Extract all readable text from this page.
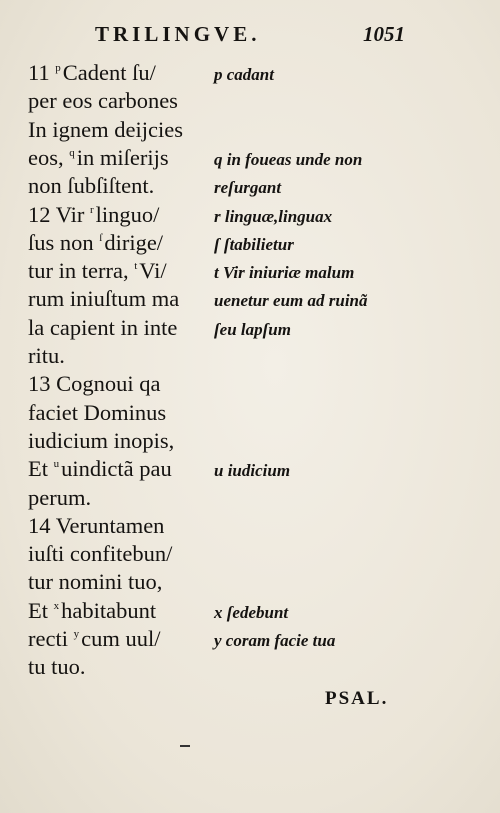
TRILINGVE.	1051
11 $^p$Cadent ſu/
per eos carbones
In ignem deijcies
eos, $^q$in miſerijs
non ſubſiſtent.
12 Vir $^r$linguo/
ſus non $^ſ$dirige/
tur in terra, $^t$Vi/
rum iniuſtum ma
la capient in inte
ritu.
13 Cognoui qa
faciet Dominus
iudicium inopis,
Et $^u$uindictã pau
perum.
14 Veruntamen
iuſti confitebun/
tur nomini tuo,
Et $^x$habitabunt
recti $^y$cum uul/
tu tuo.
p cadant
q in foueas unde non
reſurgant
r linguæ,linguax
ſ ſtabilietur
t Vir iniuriæ malum
uenetur eum ad ruinã
ſeu lapſum
u iudicium
x ſedebunt
y coram facie tua
PSAL.
